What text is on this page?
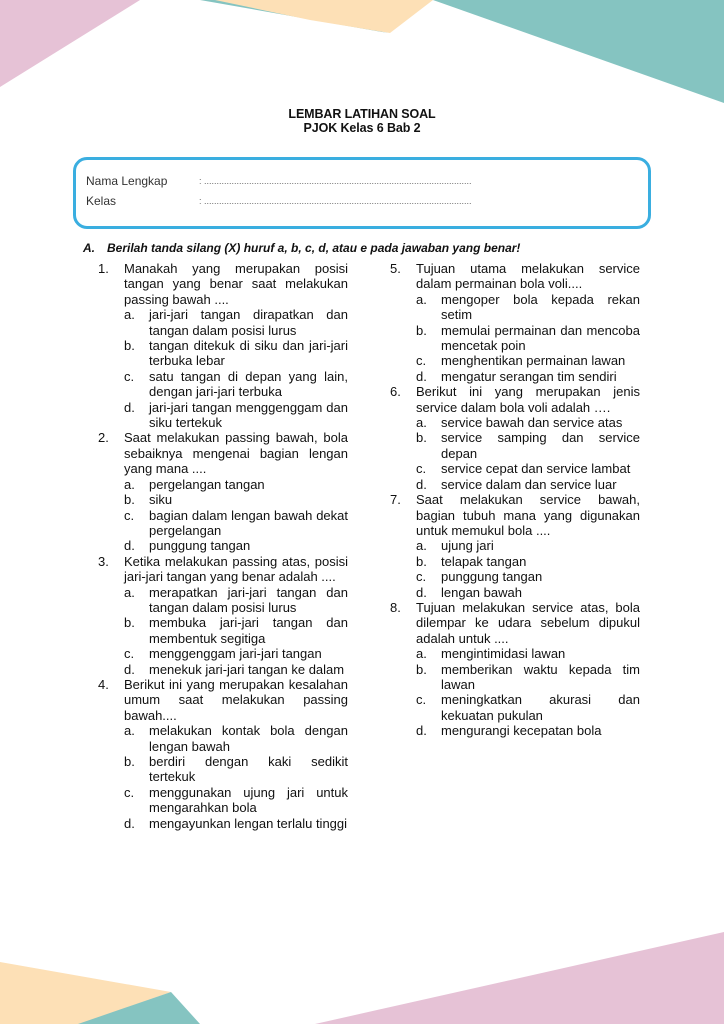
LEMBAR LATIHAN SOAL
PJOK Kelas 6 Bab 2
Nama Lengkap	: ...........................................................................................................
Kelas	: ...........................................................................................................
A.	Berilah tanda silang (X) huruf a, b, c, d, atau e pada jawaban yang benar!
1.	Manakah yang merupakan posisi tangan yang benar saat melakukan passing bawah ....
a.	jari-jari tangan dirapatkan dan tangan dalam posisi lurus
b.	tangan ditekuk di siku dan jari-jari terbuka lebar
c.	satu tangan di depan yang lain, dengan jari-jari terbuka
d.	jari-jari tangan menggenggam dan siku tertekuk
2.	Saat melakukan passing bawah, bola sebaiknya mengenai bagian lengan yang mana ....
a.	pergelangan tangan
b.	siku
c.	bagian dalam lengan bawah dekat pergelangan
d.	punggung tangan
3.	Ketika melakukan passing atas, posisi jari-jari tangan yang benar adalah ....
a.	merapatkan jari-jari tangan dan tangan dalam posisi lurus
b.	membuka jari-jari tangan dan membentuk segitiga
c.	menggenggam jari-jari tangan
d.	menekuk jari-jari tangan ke dalam
4.	Berikut ini yang merupakan kesalahan umum saat melakukan passing bawah....
a.	melakukan kontak bola dengan lengan bawah
b.	berdiri dengan kaki sedikit tertekuk
c.	menggunakan ujung jari untuk mengarahkan bola
d.	mengayunkan lengan terlalu tinggi
5.	Tujuan utama melakukan service dalam permainan bola voli....
a.	mengoper bola kepada rekan setim
b.	memulai permainan dan mencoba mencetak poin
c.	menghentikan permainan lawan
d.	mengatur serangan tim sendiri
6.	Berikut ini yang merupakan jenis service dalam bola voli adalah ….
a.	service bawah dan service atas
b.	service samping dan service depan
c.	service cepat dan service lambat
d.	service dalam dan service luar
7.	Saat melakukan service bawah, bagian tubuh mana yang digunakan untuk memukul bola ....
a.	ujung jari
b.	telapak tangan
c.	punggung tangan
d.	lengan bawah
8.	Tujuan melakukan service atas, bola dilempar ke udara sebelum dipukul adalah untuk ....
a.	mengintimidasi lawan
b.	memberikan waktu kepada tim lawan
c.	meningkatkan akurasi dan kekuatan pukulan
d.	mengurangi kecepatan bola
